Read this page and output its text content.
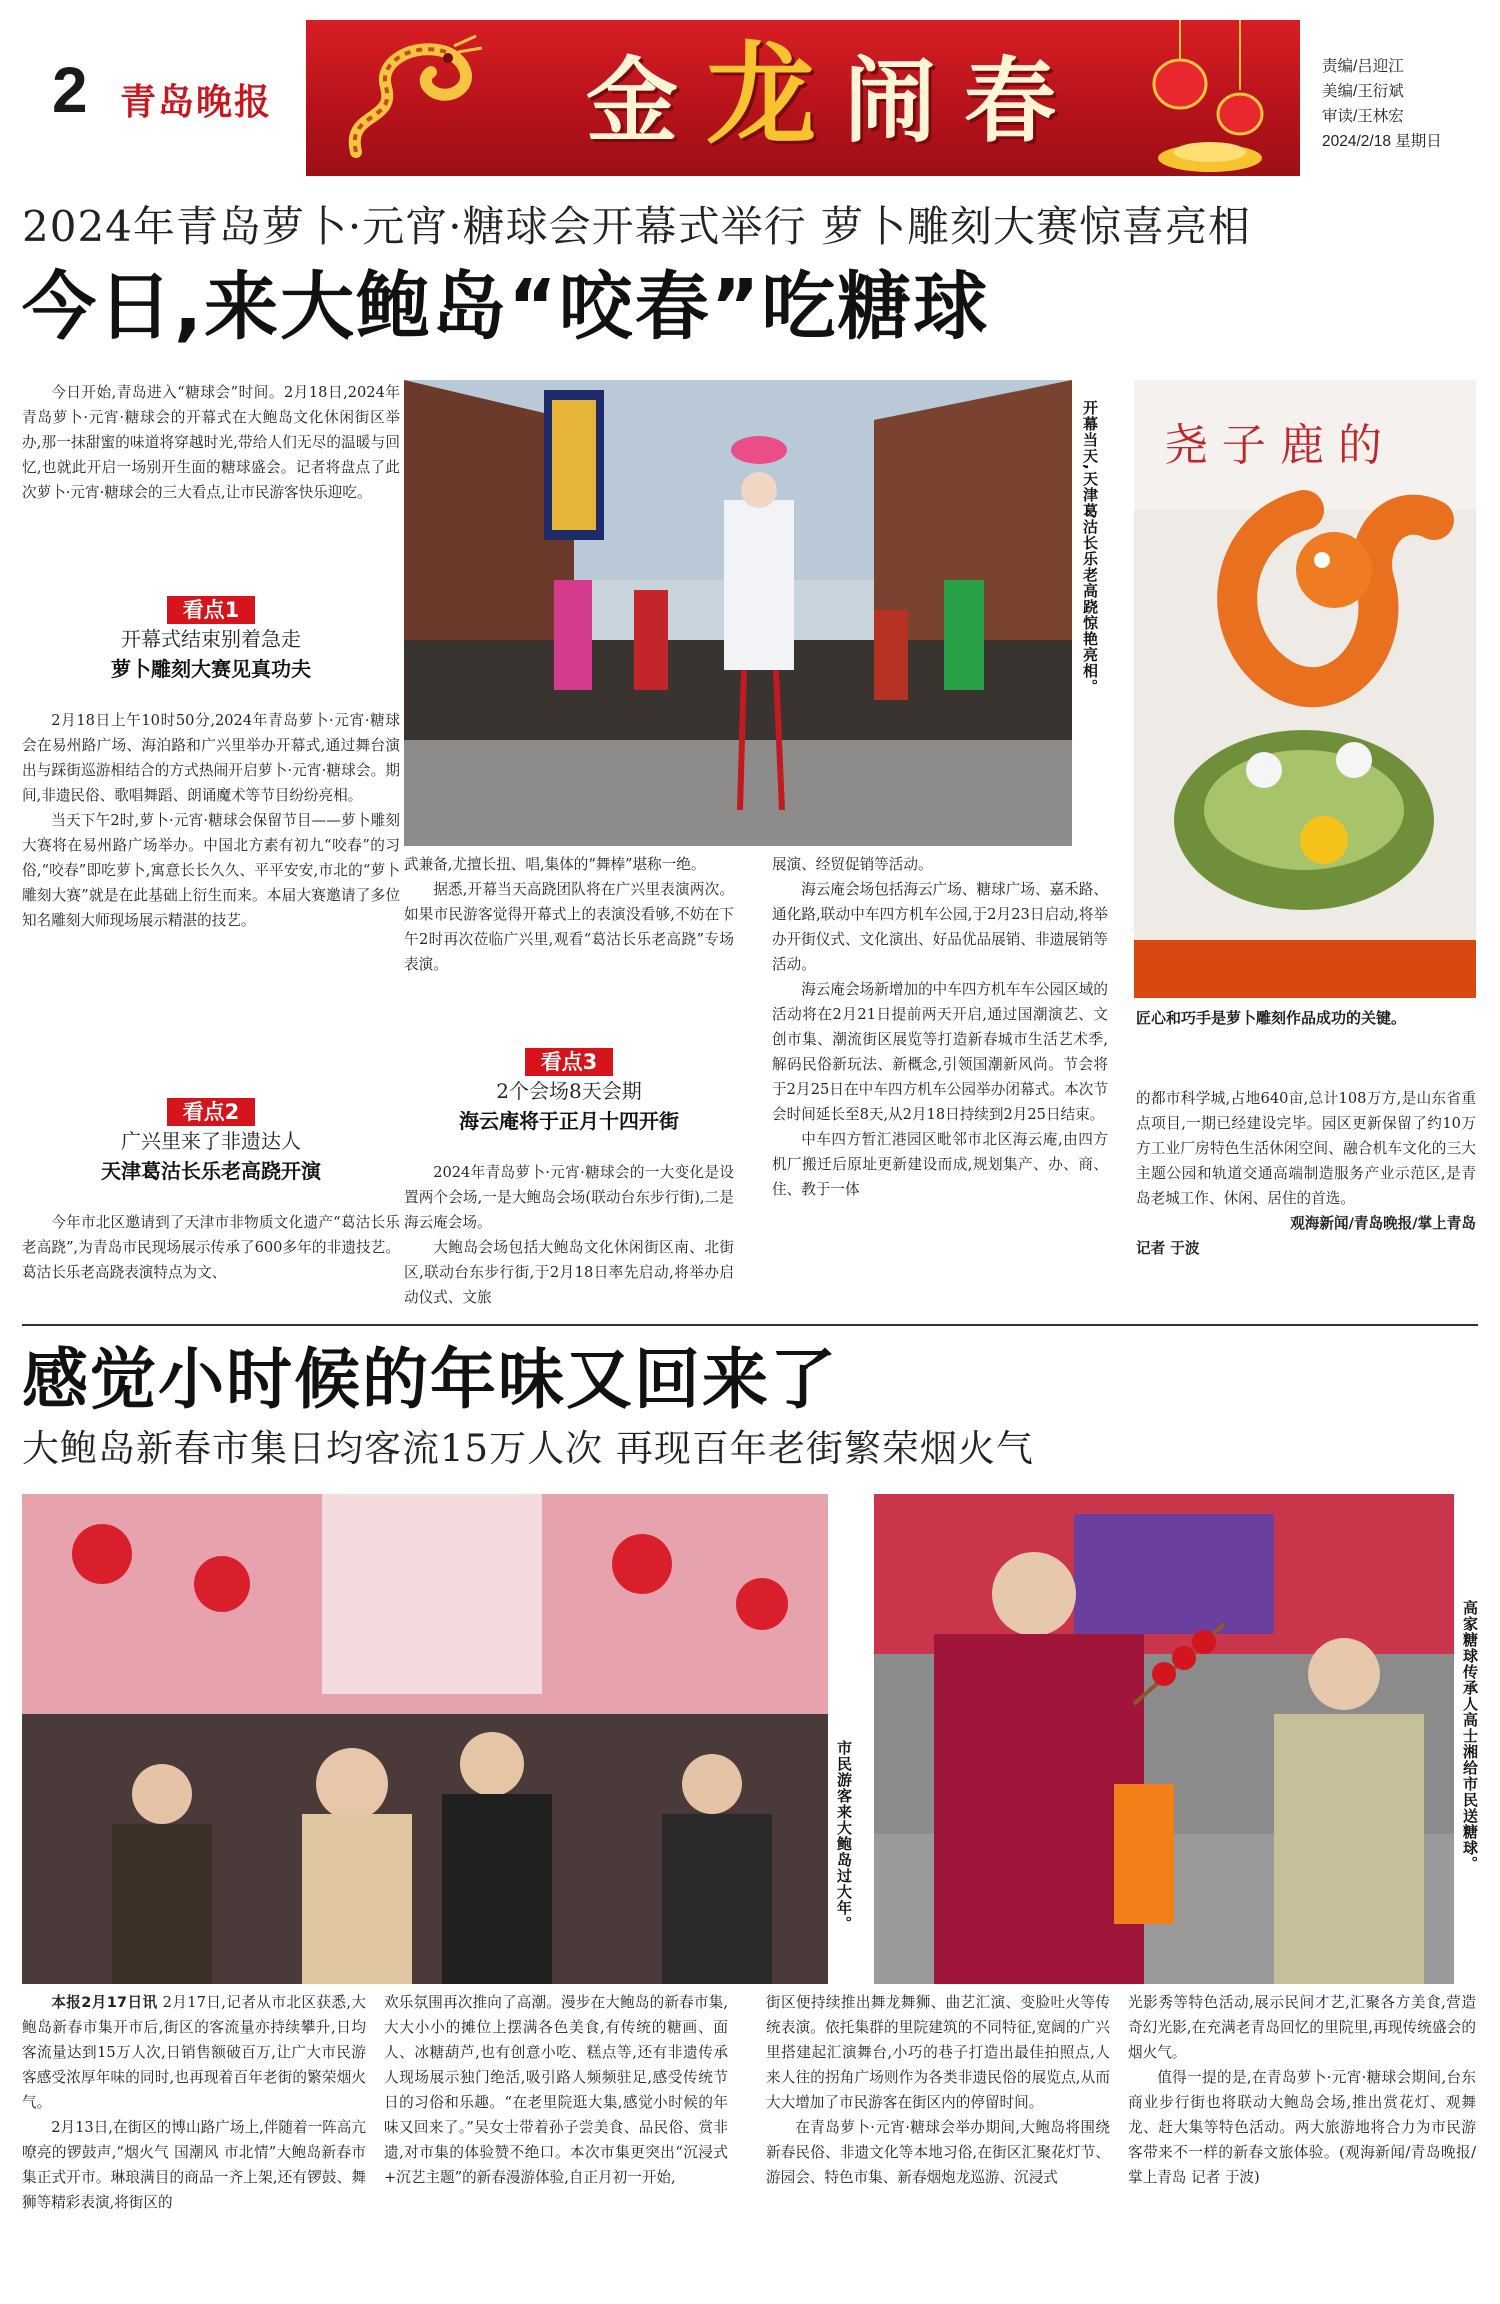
2 青岛晚报	金龙闹春	责编/吕迎江
美编/王衍斌
审读/王林宏
2024/2/18 星期日
2024年青岛萝卜·元宵·糖球会开幕式举行 萝卜雕刻大赛惊喜亮相
今日,来大鲍岛“咬春”吃糖球

今日开始,青岛进入“糖球会”时间。2月18日,2024年青岛萝卜·元宵·糖球会的开幕式在大鲍岛文化休闲街区举办,那一抹甜蜜的味道将穿越时光,带给人们无尽的温暖与回忆,也就此开启一场别开生面的糖球盛会。记者将盘点了此次萝卜·元宵·糖球会的三大看点,让市民游客快乐迎吃。

看点1
开幕式结束别着急走
萝卜雕刻大赛见真功夫

2月18日上午10时50分,2024年青岛萝卜·元宵·糖球会在易州路广场、海泊路和广兴里举办开幕式,通过舞台演出与踩街巡游相结合的方式热闹开启萝卜·元宵·糖球会。期间,非遗民俗、歌唱舞蹈、朗诵魔术等节目纷纷亮相。

当天下午2时,萝卜·元宵·糖球会保留节目——萝卜雕刻大赛将在易州路广场举办。中国北方素有初九“咬春”的习俗,“咬春”即吃萝卜,寓意长长久久、平平安安,市北的“萝卜雕刻大赛”就是在此基础上衍生而来。本届大赛邀请了多位知名雕刻大师现场展示精湛的技艺。

看点2
广兴里来了非遗达人
天津葛沽长乐老高跷开演

今年市北区邀请到了天津市非物质文化遗产“葛沽长乐老高跷”,为青岛市民现场展示传承了600多年的非遗技艺。葛沽长乐老高跷表演特点为文、

开幕当天,天津葛沽长乐老高跷惊艳亮相。 尧 子 鹿 的
匠心和巧手是萝卜雕刻作品成功的关键。

武兼备,尤擅长扭、唱,集体的“舞棒”堪称一绝。

据悉,开幕当天高跷团队将在广兴里表演两次。如果市民游客觉得开幕式上的表演没看够,不妨在下午2时再次莅临广兴里,观看“葛沽长乐老高跷”专场表演。

看点3
2个会场8天会期
海云庵将于正月十四开街

2024年青岛萝卜·元宵·糖球会的一大变化是设置两个会场,一是大鲍岛会场(联动台东步行街),二是海云庵会场。

大鲍岛会场包括大鲍岛文化休闲街区南、北街区,联动台东步行街,于2月18日率先启动,将举办启动仪式、文旅

展演、经贸促销等活动。

海云庵会场包括海云广场、糖球广场、嘉禾路、通化路,联动中车四方机车公园,于2月23日启动,将举办开街仪式、文化演出、好品优品展销、非遗展销等活动。

海云庵会场新增加的中车四方机车车公园区域的活动将在2月21日提前两天开启,通过国潮演艺、文创市集、潮流街区展览等打造新春城市生活艺术季,解码民俗新玩法、新概念,引领国潮新风尚。节会将于2月25日在中车四方机车公园举办闭幕式。本次节会时间延长至8天,从2月18日持续到2月25日结束。

中车四方暂汇港园区毗邻市北区海云庵,由四方机厂搬迁后原址更新建设而成,规划集产、办、商、住、教于一体

的都市科学城,占地640亩,总计108万方,是山东省重点项目,一期已经建设完毕。园区更新保留了约10万方工业厂房特色生活休闲空间、融合机车文化的三大主题公园和轨道交通高端制造服务产业示范区,是青岛老城工作、休闲、居住的首选。

观海新闻/青岛晚报/掌上青岛

记者 于波

感觉小时候的年味又回来了
大鲍岛新春市集日均客流15万人次 再现百年老街繁荣烟火气
市民游客来大鲍岛过大年。	高家糖球传承人高士湘给市民送糖球。

本报2月17日讯 2月17日,记者从市北区获悉,大鲍岛新春市集开市后,街区的客流量亦持续攀升,日均客流量达到15万人次,日销售额破百万,让广大市民游客感受浓厚年味的同时,也再现着百年老街的繁荣烟火气。

2月13日,在街区的博山路广场上,伴随着一阵高亢嘹亮的锣鼓声,“烟火气 国潮风 市北情”大鲍岛新春市集正式开市。琳琅满目的商品一齐上架,还有锣鼓、舞狮等精彩表演,将街区的

欢乐氛围再次推向了高潮。漫步在大鲍岛的新春市集,大大小小的摊位上摆满各色美食,有传统的糖画、面人、冰糖葫芦,也有创意小吃、糕点等,还有非遗传承人现场展示独门绝活,吸引路人频频驻足,感受传统节日的习俗和乐趣。“在老里院逛大集,感觉小时候的年味又回来了。”吴女士带着孙子尝美食、品民俗、赏非遗,对市集的体验赞不绝口。本次市集更突出“沉浸式+沉艺主题”的新春漫游体验,自正月初一开始,

街区便持续推出舞龙舞狮、曲艺汇演、变脸吐火等传统表演。依托集群的里院建筑的不同特征,宽阔的广兴里搭建起汇演舞台,小巧的巷子打造出最佳拍照点,人来人往的拐角广场则作为各类非遗民俗的展览点,从而大大增加了市民游客在街区内的停留时间。

在青岛萝卜·元宵·糖球会举办期间,大鲍岛将围绕新春民俗、非遗文化等本地习俗,在街区汇聚花灯节、游园会、特色市集、新春烟炮龙巡游、沉浸式

光影秀等特色活动,展示民间才艺,汇聚各方美食,营造奇幻光影,在充满老青岛回忆的里院里,再现传统盛会的烟火气。

值得一提的是,在青岛萝卜·元宵·糖球会期间,台东商业步行街也将联动大鲍岛会场,推出赏花灯、观舞龙、赶大集等特色活动。两大旅游地将合力为市民游客带来不一样的新春文旅体验。(观海新闻/青岛晚报/掌上青岛 记者 于波)
